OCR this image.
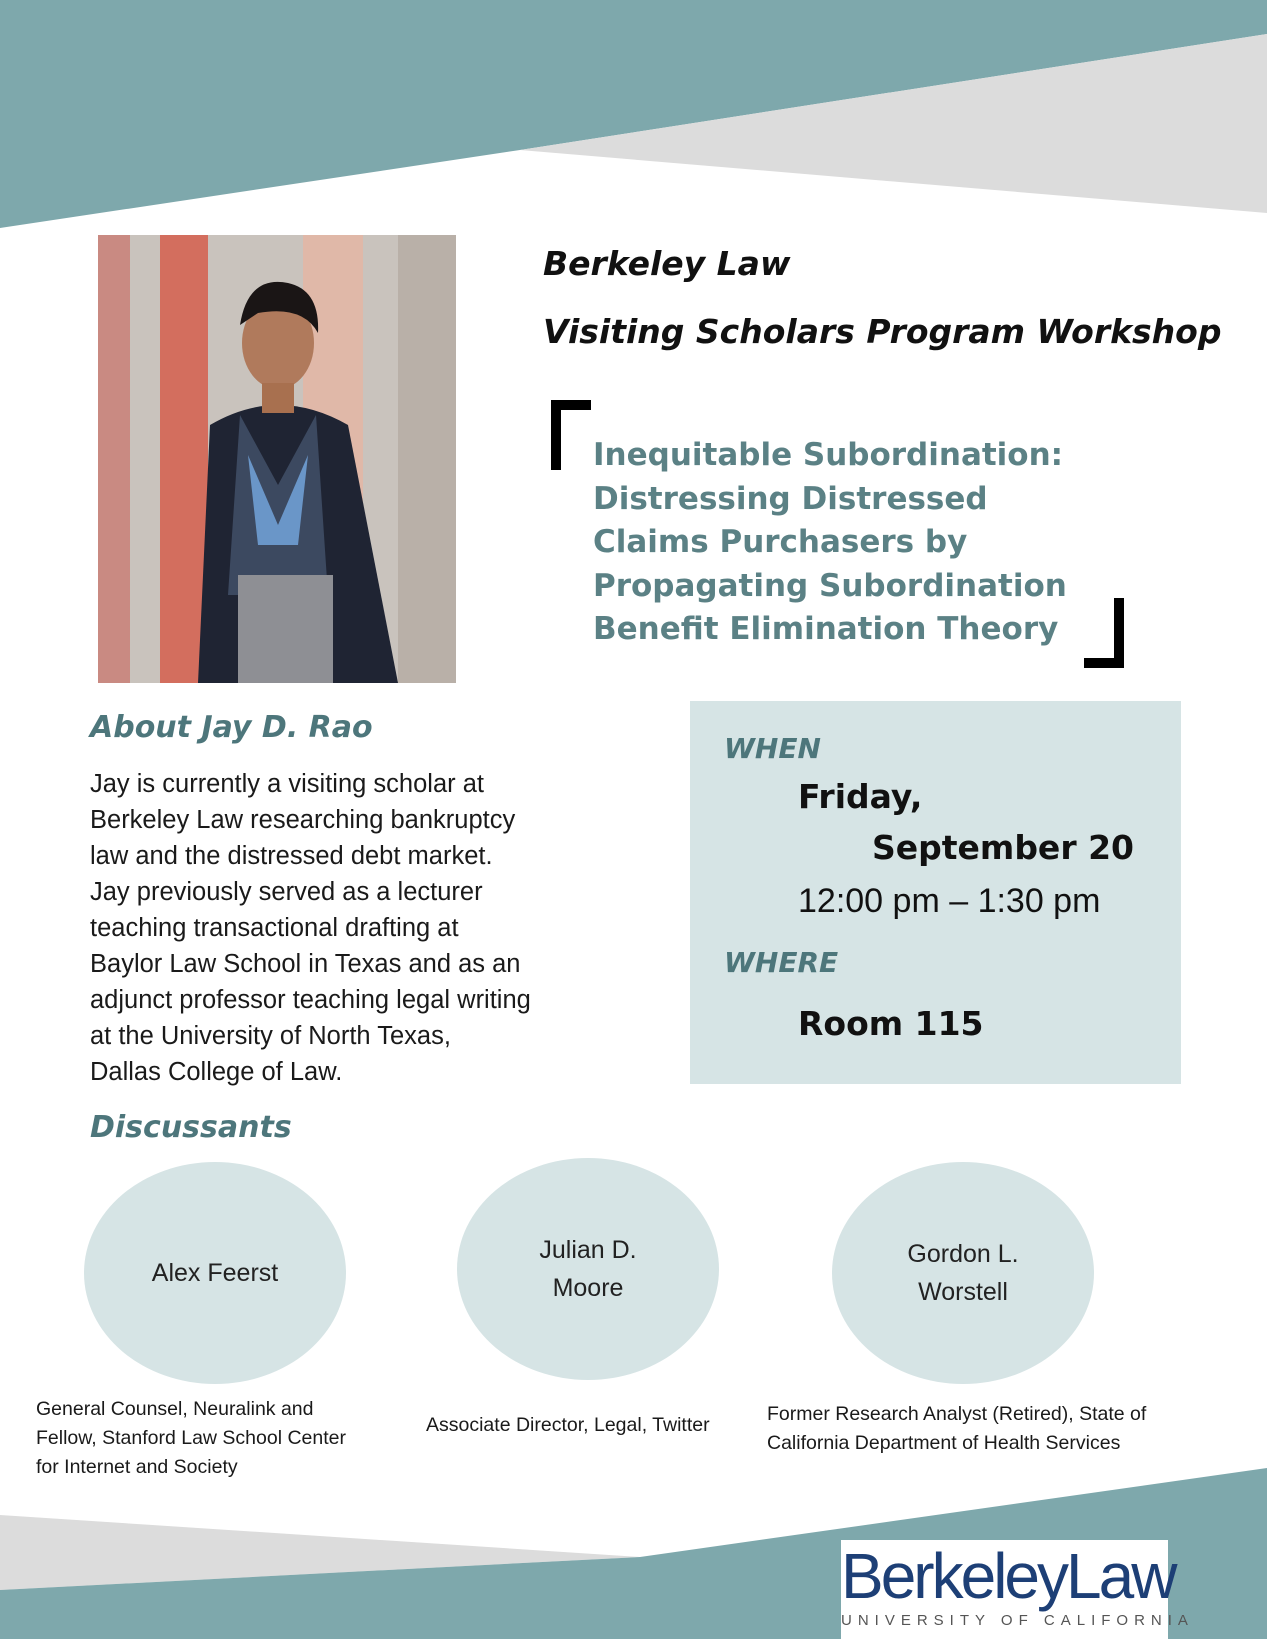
Berkeley Law
Visiting Scholars Program Workshop
Inequitable Subordination:
Distressing Distressed
Claims Purchasers by
Propagating Subordination
Benefit Elimination Theory
About Jay D. Rao
Jay is currently a visiting scholar at
Berkeley Law researching bankruptcy
law and the distressed debt market.
Jay previously served as a lecturer
teaching transactional drafting at
Baylor Law School in Texas and as an
adjunct professor teaching legal writing
at the University of North Texas,
Dallas College of Law.
WHEN
Friday,
September 20
12:00 pm – 1:30 pm
WHERE
Room 115
Discussants
Alex Feerst
Julian D. Moore
Gordon L. Worstell
General Counsel, Neuralink and
Fellow, Stanford Law School Center
for Internet and Society
Associate Director, Legal, Twitter	Former Research Analyst (Retired), State of
California Department of Health Services
BerkeleyLaw
UNIVERSITY OF CALIFORNIA
